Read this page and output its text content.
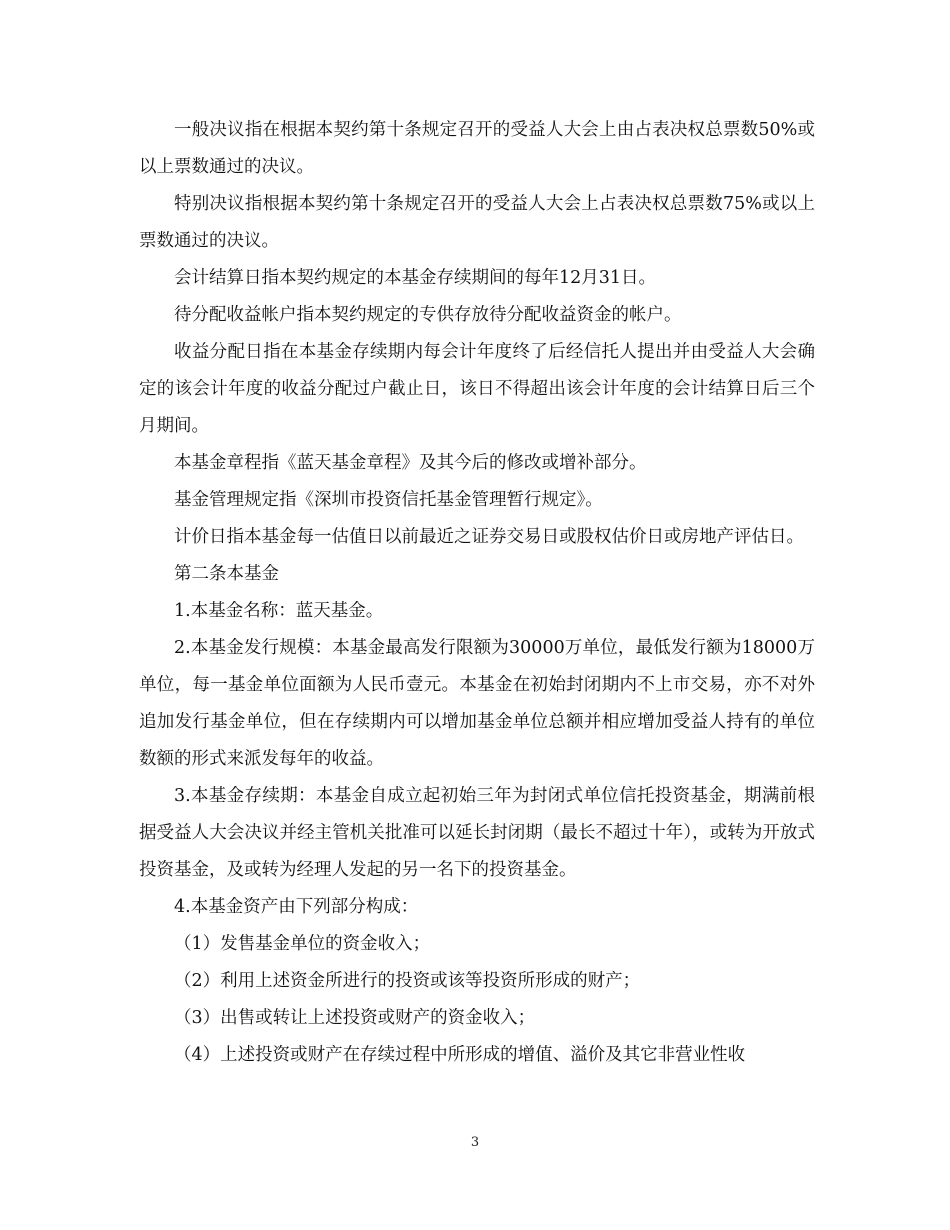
一般决议指在根据本契约第十条规定召开的受益人大会上由占表决权总票数50%或以上票数通过的决议。

特别决议指根据本契约第十条规定召开的受益人大会上占表决权总票数75%或以上票数通过的决议。

会计结算日指本契约规定的本基金存续期间的每年12月31日。

待分配收益帐户指本契约规定的专供存放待分配收益资金的帐户。

收益分配日指在本基金存续期内每会计年度终了后经信托人提出并由受益人大会确定的该会计年度的收益分配过户截止日，该日不得超出该会计年度的会计结算日后三个月期间。

本基金章程指《蓝天基金章程》及其今后的修改或增补部分。

基金管理规定指《深圳市投资信托基金管理暂行规定》。

计价日指本基金每一估值日以前最近之证券交易日或股权估价日或房地产评估日。

第二条本基金

1.本基金名称：蓝天基金。

2.本基金发行规模：本基金最高发行限额为30000万单位，最低发行额为18000万单位，每一基金单位面额为人民币壹元。本基金在初始封闭期内不上市交易，亦不对外追加发行基金单位，但在存续期内可以增加基金单位总额并相应增加受益人持有的单位数额的形式来派发每年的收益。

3.本基金存续期：本基金自成立起初始三年为封闭式单位信托投资基金，期满前根据受益人大会决议并经主管机关批准可以延长封闭期（最长不超过十年），或转为开放式投资基金，及或转为经理人发起的另一名下的投资基金。

4.本基金资产由下列部分构成：

（1）发售基金单位的资金收入；

（2）利用上述资金所进行的投资或该等投资所形成的财产；

（3）出售或转让上述投资或财产的资金收入；

（4）上述投资或财产在存续过程中所形成的增值、溢价及其它非营业性收

3
